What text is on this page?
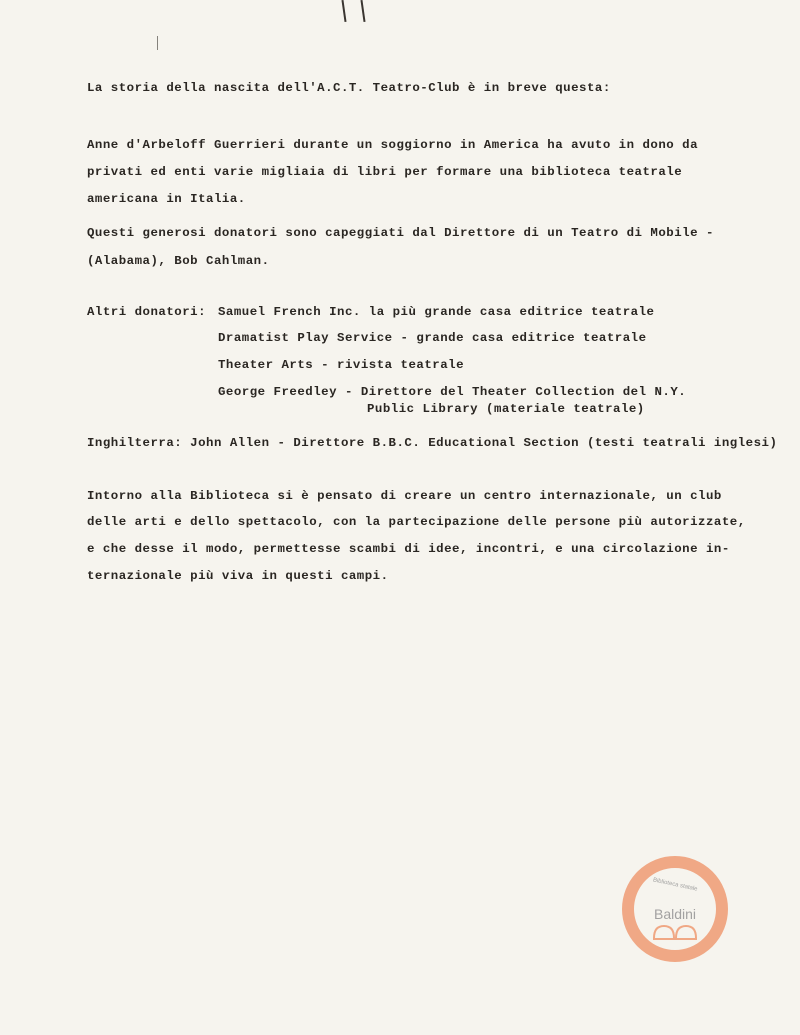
La storia della nascita dell'A.C.T. Teatro-Club è in breve questa:
Anne d'Arbeloff Guerrieri durante un soggiorno in America ha avuto in dono da
privati ed enti varie migliaia di libri per formare una biblioteca teatrale
americana in Italia.
Questi generosi donatori sono capeggiati dal Direttore di un Teatro di Mobile -
(Alabama), Bob Cahlman.
Altri donatori: Samuel French Inc. la più grande casa editrice teatrale
Dramatist Play Service - grande casa editrice teatrale
Theater Arts - rivista teatrale
George Freedley - Direttore del Theater Collection del N.Y.
Public Library (materiale teatrale)
Inghilterra: John Allen - Direttore B.B.C. Educational Section (testi teatrali inglesi)
Intorno alla Biblioteca si è pensato di creare un centro internazionale, un club
delle arti e dello spettacolo, con la partecipazione delle persone più autorizzate,
e che desse il modo, permettesse scambi di idee, incontri, e una circolazione in-
ternazionale più viva in questi campi.
Biblioteca statale
Baldini
